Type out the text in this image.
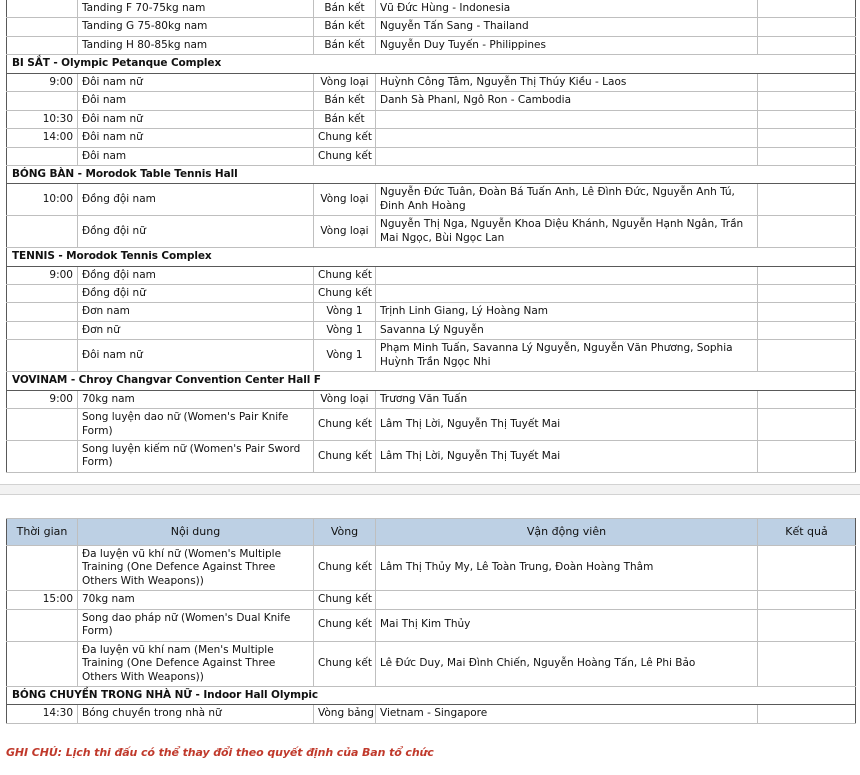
	Tanding F 70-75kg nam	Bán kết	Vũ Đức Hùng - Indonesia	
	Tanding G 75-80kg nam	Bán kết	Nguyễn Tấn Sang - Thailand	
	Tanding H 80-85kg nam	Bán kết	Nguyễn Duy Tuyến - Philippines	
BI SẮT - Olympic Petanque Complex				
9:00	Đôi nam nữ	Vòng loại	Huỳnh Công Tâm, Nguyễn Thị Thúy Kiều - Laos	
	Đôi nam	Bán kết	Danh Sà Phanl, Ngô Ron - Cambodia	
10:30	Đôi nam nữ	Bán kết		
14:00	Đôi nam nữ	Chung kết		
	Đôi nam	Chung kết		
BÓNG BÀN - Morodok Table Tennis Hall				
10:00	Đồng đội nam	Vòng loại	Nguyễn Đức Tuân, Đoàn Bá Tuấn Anh, Lê Đình Đức, Nguyễn Anh Tú, Đinh Anh Hoàng	
	Đồng đội nữ	Vòng loại	Nguyễn Thị Nga, Nguyễn Khoa Diệu Khánh, Nguyễn Hạnh Ngân, Trần Mai Ngọc, Bùi Ngọc Lan	
TENNIS - Morodok Tennis Complex				
9:00	Đồng đội nam	Chung kết		
	Đồng đội nữ	Chung kết		
	Đơn nam	Vòng 1	Trịnh Linh Giang, Lý Hoàng Nam	
	Đơn nữ	Vòng 1	Savanna Lý Nguyễn	
	Đôi nam nữ	Vòng 1	Phạm Minh Tuấn, Savanna Lý Nguyễn, Nguyễn Văn Phương, Sophia Huỳnh Trần Ngọc Nhi	
VOVINAM - Chroy Changvar Convention Center Hall F				
9:00	70kg nam	Vòng loại	Trương Văn Tuấn	
	Song luyện dao nữ (Women's Pair Knife Form)	Chung kết	Lâm Thị Lời, Nguyễn Thị Tuyết Mai	
	Song luyện kiếm nữ (Women's Pair Sword Form)	Chung kết	Lâm Thị Lời, Nguyễn Thị Tuyết Mai	
Thời gian	Nội dung	Vòng	Vận động viên	Kết quả
	Đa luyện vũ khí nữ (Women's Multiple Training (One Defence Against Three Others With Weapons))	Chung kết	Lâm Thị Thủy My, Lê Toàn Trung, Đoàn Hoàng Thâm	
15:00	70kg nam	Chung kết		
	Song dao pháp nữ (Women's Dual Knife Form)	Chung kết	Mai Thị Kim Thủy	
	Đa luyện vũ khí nam (Men's Multiple Training (One Defence Against Three Others With Weapons))	Chung kết	Lê Đức Duy, Mai Đình Chiến, Nguyễn Hoàng Tấn, Lê Phi Bảo	
BÓNG CHUYỀN TRONG NHÀ NỮ - Indoor Hall Olympic				
14:30	Bóng chuyền trong nhà nữ	Vòng bảng	Vietnam - Singapore	
GHI CHÚ: Lịch thi đấu có thể thay đổi theo quyết định của Ban tổ chức
